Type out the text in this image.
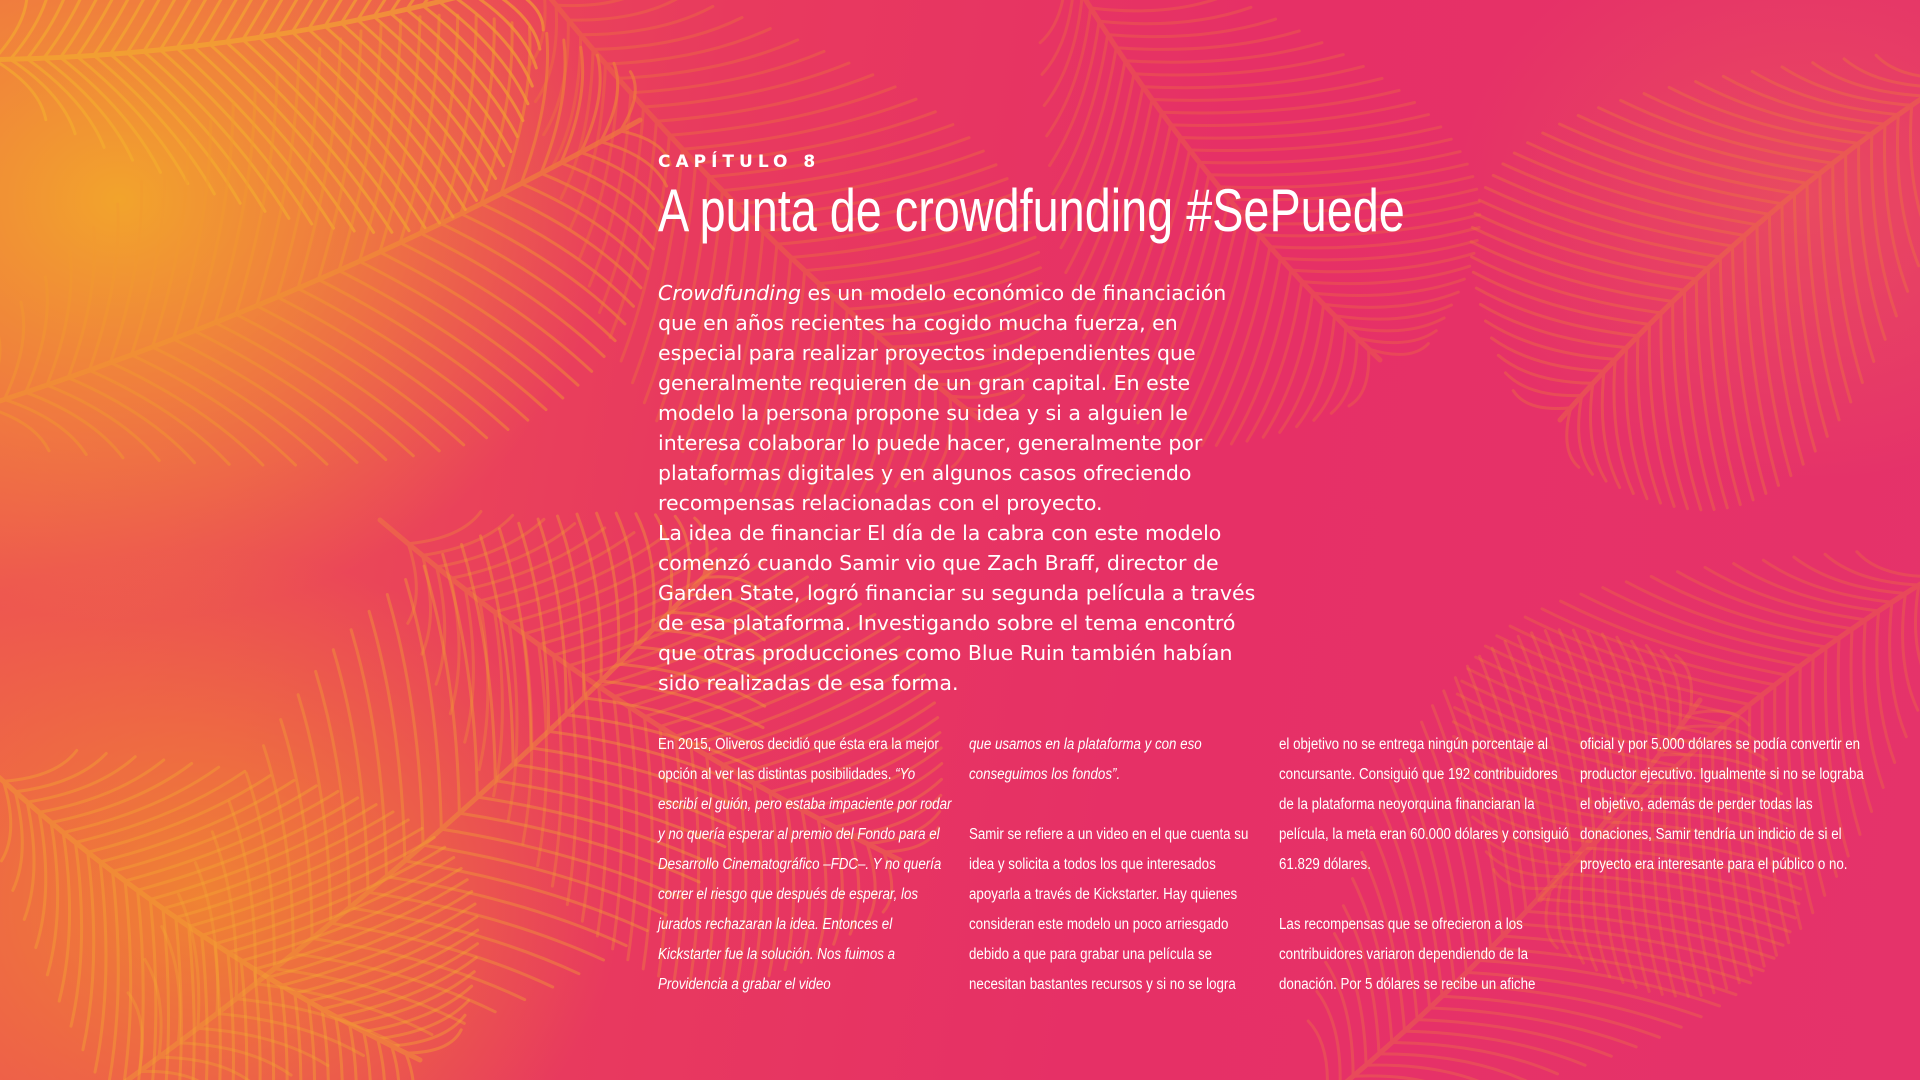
CAPÍTULO 8
A punta de crowdfunding #SePuede

Crowdfunding es un modelo económico de financiación que en años recientes ha cogido mucha fuerza, en especial para realizar proyectos independientes que generalmente requieren de un gran capital. En este modelo la persona propone su idea y si a alguien le interesa colaborar lo puede hacer, generalmente por plataformas digitales y en algunos casos ofreciendo recompensas relacionadas con el proyecto.

La idea de financiar El día de la cabra con este modelo comenzó cuando Samir vio que Zach Braff, director de Garden State, logró financiar su segunda película a través de esa plataforma. Investigando sobre el tema encontró que otras producciones como Blue Ruin también habían sido realizadas de esa forma.

En 2015, Oliveros decidió que ésta era la mejor opción al ver las distintas posibilidades. “Yo escribí el guión, pero estaba impaciente por rodar y no quería esperar al premio del Fondo para el Desarrollo Cinematográfico –FDC–. Y no quería correr el riesgo que después de esperar, los jurados rechazaran la idea. Entonces el Kickstarter fue la solución. Nos fuimos a Providencia a grabar el video

que usamos en la plataforma y con eso conseguimos los fondos”.

Samir se refiere a un video en el que cuenta su idea y solicita a todos los que interesados apoyarla a través de Kickstarter. Hay quienes consideran este modelo un poco arriesgado debido a que para grabar una película se necesitan bastantes recursos y si no se logra

el objetivo no se entrega ningún porcentaje al concursante. Consiguió que 192 contribuidores de la plataforma neoyorquina financiaran la película, la meta eran 60.000 dólares y consiguió 61.829 dólares.

Las recompensas que se ofrecieron a los contribuidores variaron dependiendo de la donación. Por 5 dólares se recibe un afiche

oficial y por 5.000 dólares se podía convertir en productor ejecutivo. Igualmente si no se lograba el objetivo, además de perder todas las donaciones, Samir tendría un indicio de si el proyecto era interesante para el público o no.
